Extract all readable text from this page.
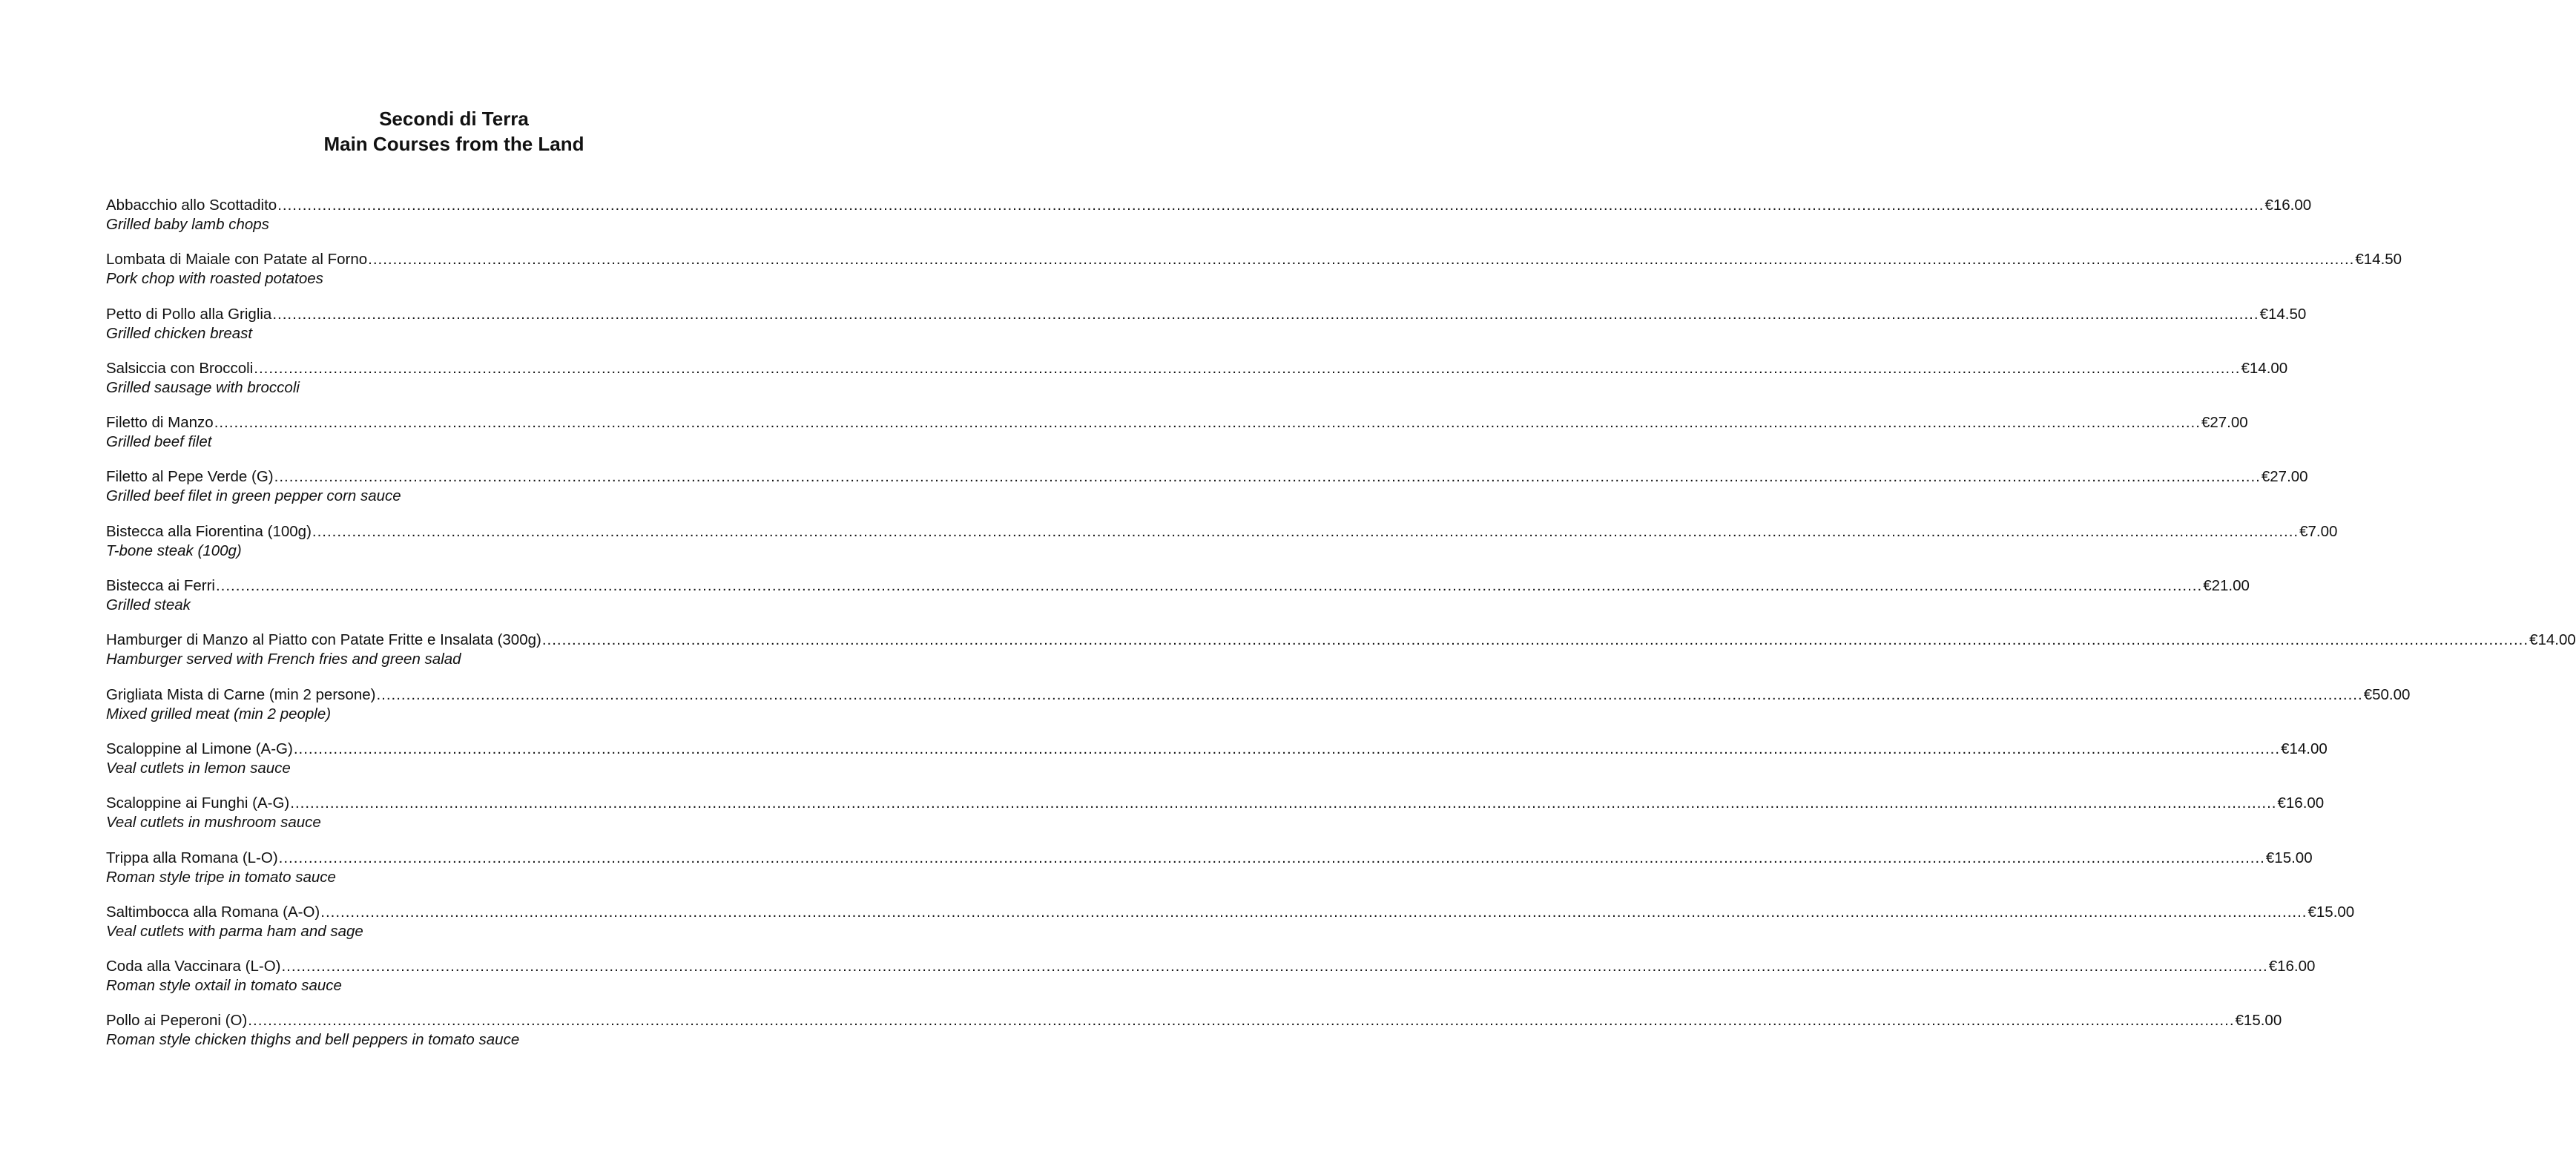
Secondi di Terra
Main Courses from the Land
Abbacchio allo Scottadito ................................................................................................................................................................................................................................................................................................................................................................................................................ €16.00
Grilled baby lamb chops
Lombata di Maiale con Patate al Forno ................................................................................................................................................................................................................................................................................................................................................................................................................ €14.50
Pork chop with roasted potatoes
Petto di Pollo alla Griglia ................................................................................................................................................................................................................................................................................................................................................................................................................ €14.50
Grilled chicken breast
Salsiccia con Broccoli ................................................................................................................................................................................................................................................................................................................................................................................................................ €14.00
Grilled sausage with broccoli
Filetto di Manzo ................................................................................................................................................................................................................................................................................................................................................................................................................ €27.00
Grilled beef filet
Filetto al Pepe Verde (G) ................................................................................................................................................................................................................................................................................................................................................................................................................ €27.00
Grilled beef filet in green pepper corn sauce
Bistecca alla Fiorentina (100g) ................................................................................................................................................................................................................................................................................................................................................................................................................ €7.00
T-bone steak (100g)
Bistecca ai Ferri ................................................................................................................................................................................................................................................................................................................................................................................................................ €21.00
Grilled steak
Hamburger di Manzo al Piatto con Patate Fritte e Insalata (300g) ................................................................................................................................................................................................................................................................................................................................................................................................................ €14.00
Hamburger served with French fries and green salad
Grigliata Mista di Carne (min 2 persone) ................................................................................................................................................................................................................................................................................................................................................................................................................ €50.00
Mixed grilled meat (min 2 people)
Scaloppine al Limone (A-G) ................................................................................................................................................................................................................................................................................................................................................................................................................ €14.00
Veal cutlets in lemon sauce
Scaloppine ai Funghi (A-G) ................................................................................................................................................................................................................................................................................................................................................................................................................ €16.00
Veal cutlets in mushroom sauce
Trippa alla Romana (L-O) ................................................................................................................................................................................................................................................................................................................................................................................................................ €15.00
Roman style tripe in tomato sauce
Saltimbocca alla Romana (A-O) ................................................................................................................................................................................................................................................................................................................................................................................................................ €15.00
Veal cutlets with parma ham and sage
Coda alla Vaccinara (L-O) ................................................................................................................................................................................................................................................................................................................................................................................................................ €16.00
Roman style oxtail in tomato sauce
Pollo ai Peperoni (O) ................................................................................................................................................................................................................................................................................................................................................................................................................ €15.00
Roman style chicken thighs and bell peppers in tomato sauce
